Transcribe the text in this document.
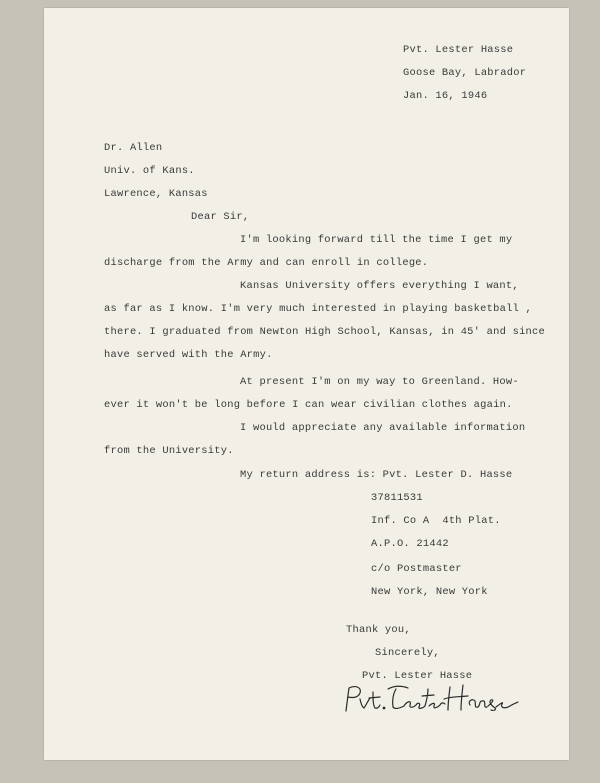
Pvt. Lester Hasse
Goose Bay, Labrador
Jan. 16, 1946
Dr. Allen
Univ. of Kans.
Lawrence, Kansas
Dear Sir,
I'm looking forward till the time I get my
discharge from the Army and can enroll in college.
Kansas University offers everything I want,
as far as I know. I'm very much interested in playing basketball ,
there. I graduated from Newton High School, Kansas, in 45' and since
have served with the Army.
At present I'm on my way to Greenland. How-
ever it won't be long before I can wear civilian clothes again.
I would appreciate any available information
from the University.
My return address is: Pvt. Lester D. Hasse
37811531
Inf. Co A  4th Plat.
A.P.O. 21442
c/o Postmaster
New York, New York
Thank you,
Sincerely,
Pvt. Lester Hasse
